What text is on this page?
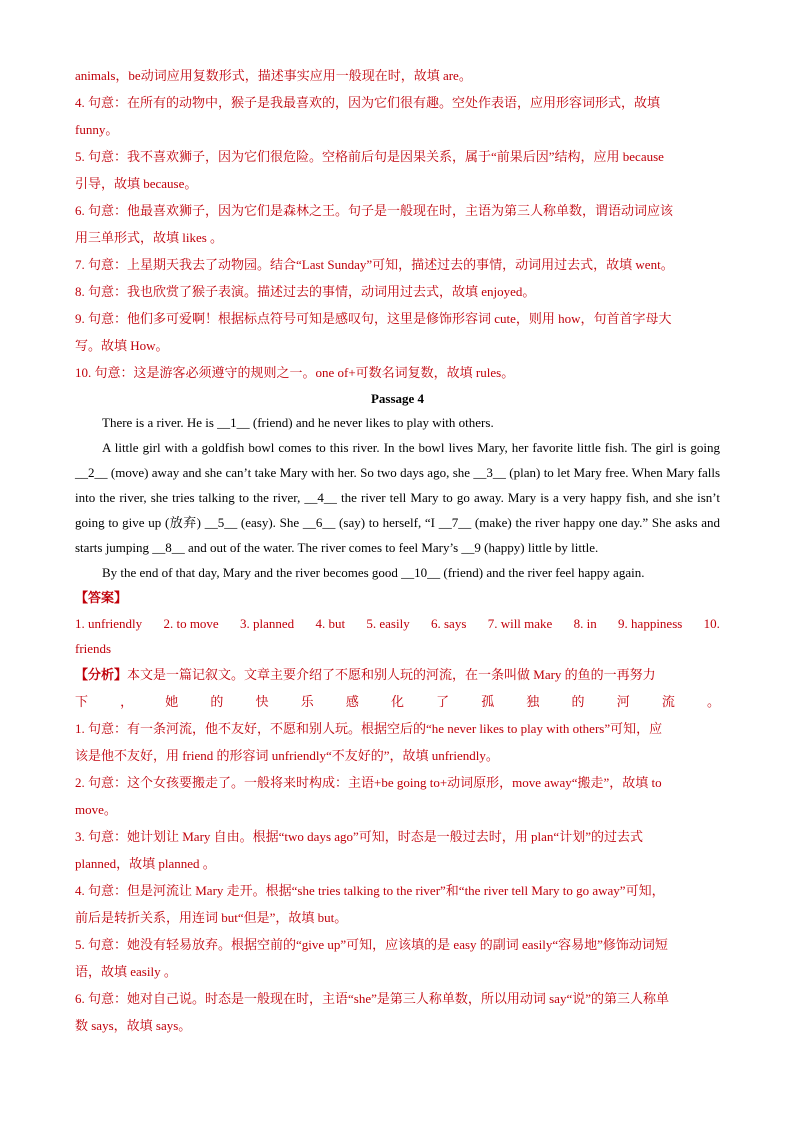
animals，be动词应用复数形式，描述事实应用一般现在时，故填 are。
4. 句意：在所有的动物中，猴子是我最喜欢的，因为它们很有趣。空处作表语，应用形容词形式，故填
funny。
5. 句意：我不喜欢狮子，因为它们很危险。空格前后句是因果关系，属于“前果后因”结构，应用 because
引导，故填 because。
6. 句意：他最喜欢狮子，因为它们是森林之王。句子是一般现在时，主语为第三人称单数，谓语动词应该
用三单形式，故填 likes 。
7. 句意：上星期天我去了动物园。结合“Last Sunday”可知，描述过去的事情，动词用过去式，故填 went。
8. 句意：我也欣赏了猴子表演。描述过去的事情，动词用过去式，故填 enjoyed。
9. 句意：他们多可爱啊！根据标点符号可知是感叹句，这里是修饰形容词 cute，则用 how，句首首字母大
写。故填 How。
10. 句意：这是游客必须遵守的规则之一。one of+可数名词复数，故填 rules。
Passage 4

There is a river. He is __1__ (friend) and he never likes to play with others.

A little girl with a goldfish bowl comes to this river. In the bowl lives Mary, her favorite little fish. The girl is going __2__ (move) away and she can’t take Mary with her. So two days ago, she __3__ (plan) to let Mary free. When Mary falls into the river, she tries talking to the river, __4__ the river tell Mary to go away. Mary is a very happy fish, and she isn’t going to give up (放弃) __5__ (easy). She __6__ (say) to herself, “I __7__ (make) the river happy one day.” She asks and starts jumping __8__ and out of the water. The river comes to feel Mary’s __9 (happy) little by little.

By the end of that day, Mary and the river becomes good __10__ (friend) and the river feel happy again.

【答案】
1. unfriendly 2. to move 3. planned 4. but 5. easily 6. says 7. will make 8. in 9. happiness 10.
friends
【分析】本文是一篇记叙文。文章主要介绍了不愿和别人玩的河流，在一条叫做 Mary 的鱼的一再努力
下 ， 她 的 快 乐 感 化 了 孤 独 的 河 流 。
1. 句意：有一条河流，他不友好，不愿和别人玩。根据空后的“he never likes to play with others”可知，应
该是他不友好，用 friend 的形容词 unfriendly“不友好的”，故填 unfriendly。
2. 句意：这个女孩要搬走了。一般将来时构成：主语+be going to+动词原形，move away“搬走”，故填 to
move。
3. 句意：她计划让 Mary 自由。根据“two days ago”可知，时态是一般过去时，用 plan“计划”的过去式
planned，故填 planned 。
4. 句意：但是河流让 Mary 走开。根据“she tries talking to the river”和“the river tell Mary to go away”可知，
前后是转折关系，用连词 but“但是”，故填 but。
5. 句意：她没有轻易放弃。根据空前的“give up”可知，应该填的是 easy 的副词 easily“容易地”修饰动词短
语，故填 easily 。
6. 句意：她对自己说。时态是一般现在时，主语“she”是第三人称单数，所以用动词 say“说”的第三人称单
数 says，故填 says。
